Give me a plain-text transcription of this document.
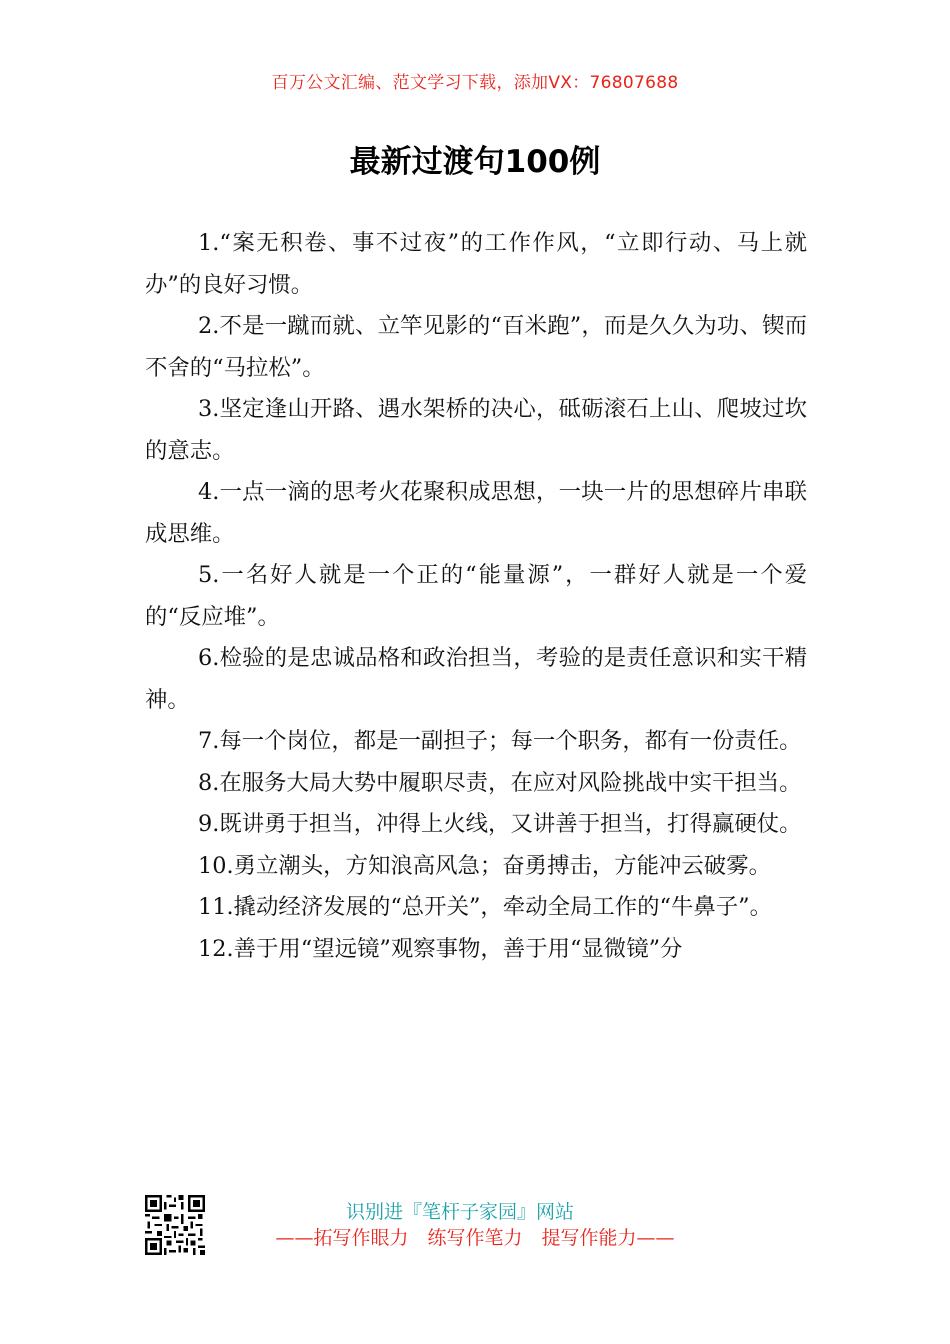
百万公文汇编、范文学习下载，添加VX：76807688
最新过渡句100例

1.“案无积卷、事不过夜”的工作作风，“立即行动、马上就办”的良好习惯。

2.不是一蹴而就、立竿见影的“百米跑”，而是久久为功、锲而不舍的“马拉松”。

3.坚定逢山开路、遇水架桥的决心，砥砺滚石上山、爬坡过坎的意志。

4.一点一滴的思考火花聚积成思想，一块一片的思想碎片串联成思维。

5.一名好人就是一个正的“能量源”，一群好人就是一个爱的“反应堆”。

6.检验的是忠诚品格和政治担当，考验的是责任意识和实干精神。

7.每一个岗位，都是一副担子；每一个职务，都有一份责任。

8.在服务大局大势中履职尽责，在应对风险挑战中实干担当。

9.既讲勇于担当，冲得上火线，又讲善于担当，打得赢硬仗。

10.勇立潮头，方知浪高风急；奋勇搏击，方能冲云破雾。

11.撬动经济发展的“总开关”，牵动全局工作的“牛鼻子”。

12.善于用“望远镜”观察事物，善于用“显微镜”分

识别进『笔杆子家园』网站
——拓写作眼力　练写作笔力　提写作能力——
